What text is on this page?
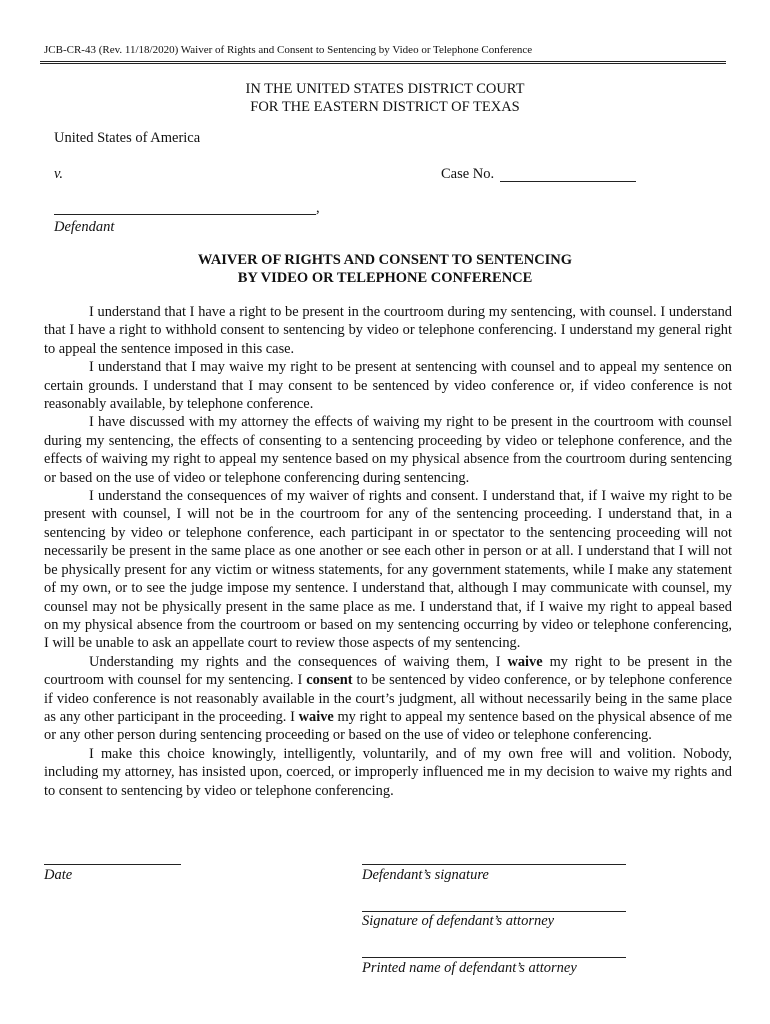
JCB-CR-43 (Rev. 11/18/2020) Waiver of Rights and Consent to Sentencing by Video or Telephone Conference
IN THE UNITED STATES DISTRICT COURT
FOR THE EASTERN DISTRICT OF TEXAS
United States of America
v.	Case No.
,
Defendant
WAIVER OF RIGHTS AND CONSENT TO SENTENCING
BY VIDEO OR TELEPHONE CONFERENCE

I understand that I have a right to be present in the courtroom during my sentencing, with counsel. I understand that I have a right to withhold consent to sentencing by video or telephone conferencing. I understand my general right to appeal the sentence imposed in this case.

I understand that I may waive my right to be present at sentencing with counsel and to appeal my sentence on certain grounds. I understand that I may consent to be sentenced by video conference or, if video conference is not reasonably available, by telephone conference.

I have discussed with my attorney the effects of waiving my right to be present in the courtroom with counsel during my sentencing, the effects of consenting to a sentencing proceeding by video or telephone conference, and the effects of waiving my right to appeal my sentence based on my physical absence from the courtroom during sentencing or based on the use of video or telephone conferencing during sentencing.

I understand the consequences of my waiver of rights and consent. I understand that, if I waive my right to be present with counsel, I will not be in the courtroom for any of the sentencing proceeding. I understand that, in a sentencing by video or telephone conference, each participant in or spectator to the sentencing proceeding will not necessarily be present in the same place as one another or see each other in person or at all. I understand that I will not be physically present for any victim or witness statements, for any government statements, while I make any statement of my own, or to see the judge impose my sentence. I understand that, although I may communicate with counsel, my counsel may not be physically present in the same place as me. I understand that, if I waive my right to appeal based on my physical absence from the courtroom or based on my sentencing occurring by video or telephone conferencing, I will be unable to ask an appellate court to review those aspects of my sentencing.

Understanding my rights and the consequences of waiving them, I waive my right to be present in the courtroom with counsel for my sentencing. I consent to be sentenced by video conference, or by telephone conference if video conference is not reasonably available in the court’s judgment, all without necessarily being in the same place as any other participant in the proceeding. I waive my right to appeal my sentence based on the physical absence of me or any other person during sentencing proceeding or based on the use of video or telephone conferencing.

I make this choice knowingly, intelligently, voluntarily, and of my own free will and volition. Nobody, including my attorney, has insisted upon, coerced, or improperly influenced me in my decision to waive my rights and to consent to sentencing by video or telephone conferencing.

Date	Defendant’s signature
Signature of defendant’s attorney
Printed name of defendant’s attorney
